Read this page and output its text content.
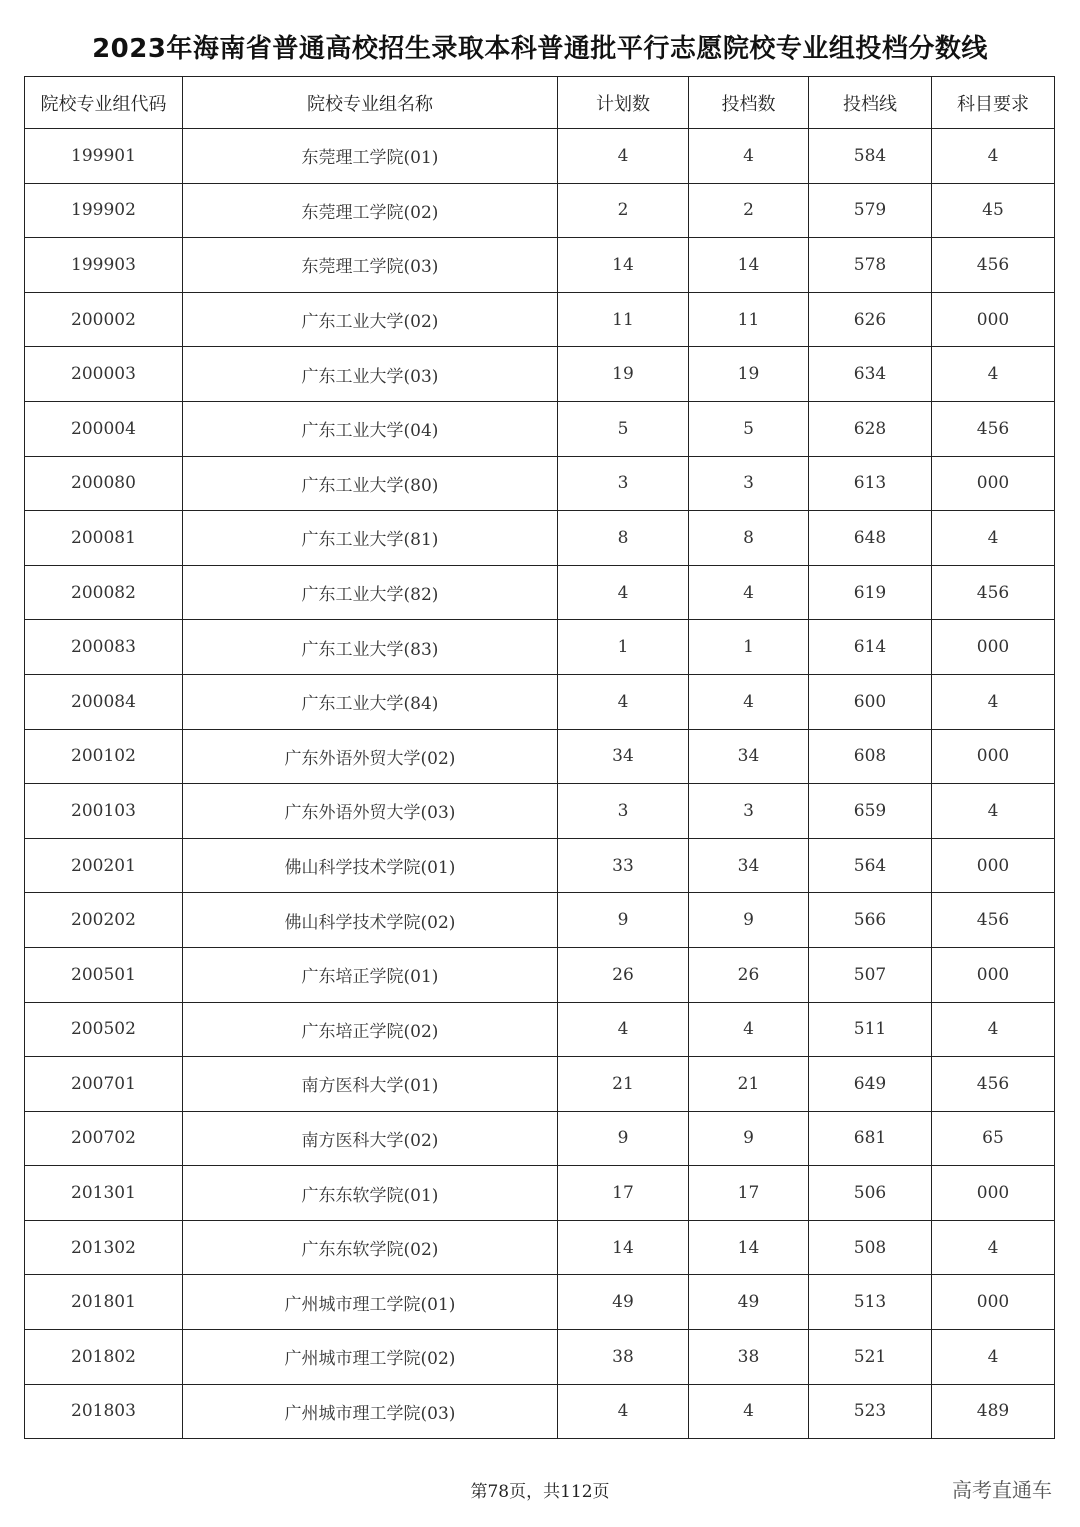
2023年海南省普通高校招生录取本科普通批平行志愿院校专业组投档分数线
院校专业组代码	院校专业组名称	计划数	投档数	投档线	科目要求
199901	东莞理工学院(01)	4	4	584	4
199902	东莞理工学院(02)	2	2	579	45
199903	东莞理工学院(03)	14	14	578	456
200002	广东工业大学(02)	11	11	626	000
200003	广东工业大学(03)	19	19	634	4
200004	广东工业大学(04)	5	5	628	456
200080	广东工业大学(80)	3	3	613	000
200081	广东工业大学(81)	8	8	648	4
200082	广东工业大学(82)	4	4	619	456
200083	广东工业大学(83)	1	1	614	000
200084	广东工业大学(84)	4	4	600	4
200102	广东外语外贸大学(02)	34	34	608	000
200103	广东外语外贸大学(03)	3	3	659	4
200201	佛山科学技术学院(01)	33	34	564	000
200202	佛山科学技术学院(02)	9	9	566	456
200501	广东培正学院(01)	26	26	507	000
200502	广东培正学院(02)	4	4	511	4
200701	南方医科大学(01)	21	21	649	456
200702	南方医科大学(02)	9	9	681	65
201301	广东东软学院(01)	17	17	506	000
201302	广东东软学院(02)	14	14	508	4
201801	广州城市理工学院(01)	49	49	513	000
201802	广州城市理工学院(02)	38	38	521	4
201803	广州城市理工学院(03)	4	4	523	489
第78页，共112页	高考直通车
